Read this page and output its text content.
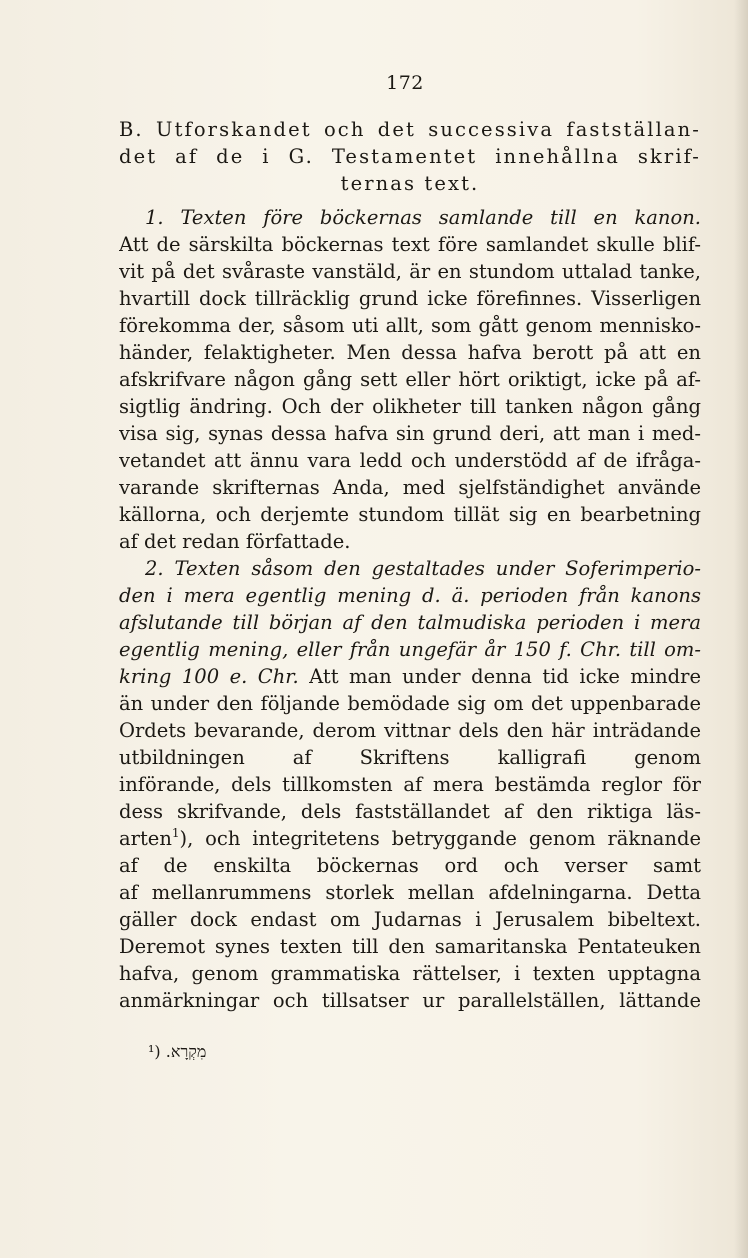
172
B. Utforskandet och det successiva fastställan-
det af de i G. Testamentet innehållna skrif-
ternas text.
1. Texten före böckernas samlande till en kanon.
Att de särskilta böckernas text före samlandet skulle blif-
vit på det svåraste vanstäld, är en stundom uttalad tanke,
hvartill dock tillräcklig grund icke förefinnes. Visserligen
förekomma der, såsom uti allt, som gått genom mennisko-
händer, felaktigheter. Men dessa hafva berott på att en
afskrifvare någon gång sett eller hört oriktigt, icke på af-
sigtlig ändring. Och der olikheter till tanken någon gång
visa sig, synas dessa hafva sin grund deri, att man i med-
vetandet att ännu vara ledd och understödd af de ifråga-
varande skrifternas Anda, med sjelfständighet använde
källorna, och derjemte stundom tillät sig en bearbetning
af det redan författade.
2. Texten såsom den gestaltades under Soferimperio-
den i mera egentlig mening d. ä. perioden från kanons
afslutande till början af den talmudiska perioden i mera
egentlig mening, eller från ungefär år 150 f. Chr. till om-
kring 100 e. Chr. Att man under denna tid icke mindre
än under den följande bemödade sig om det uppenbarade
Ordets bevarande, derom vittnar dels den här inträdande
utbildningen af Skriftens kalligrafi genom
införande, dels tillkomsten af mera bestämda reglor för
dess skrifvande, dels fastställandet af den riktiga läs-
arten$^1$), och integritetens betryggande genom räknande
af de enskilta böckernas ord och verser samt
af mellanrummens storlek mellan afdelningarna. Detta
gäller dock endast om Judarnas i Jerusalem bibeltext.
Deremot synes texten till den samaritanska Pentateuken
hafva, genom grammatiska rättelser, i texten upptagna
anmärkningar och tillsatser ur parallelställen, lättande
¹) מִקְרָא.
